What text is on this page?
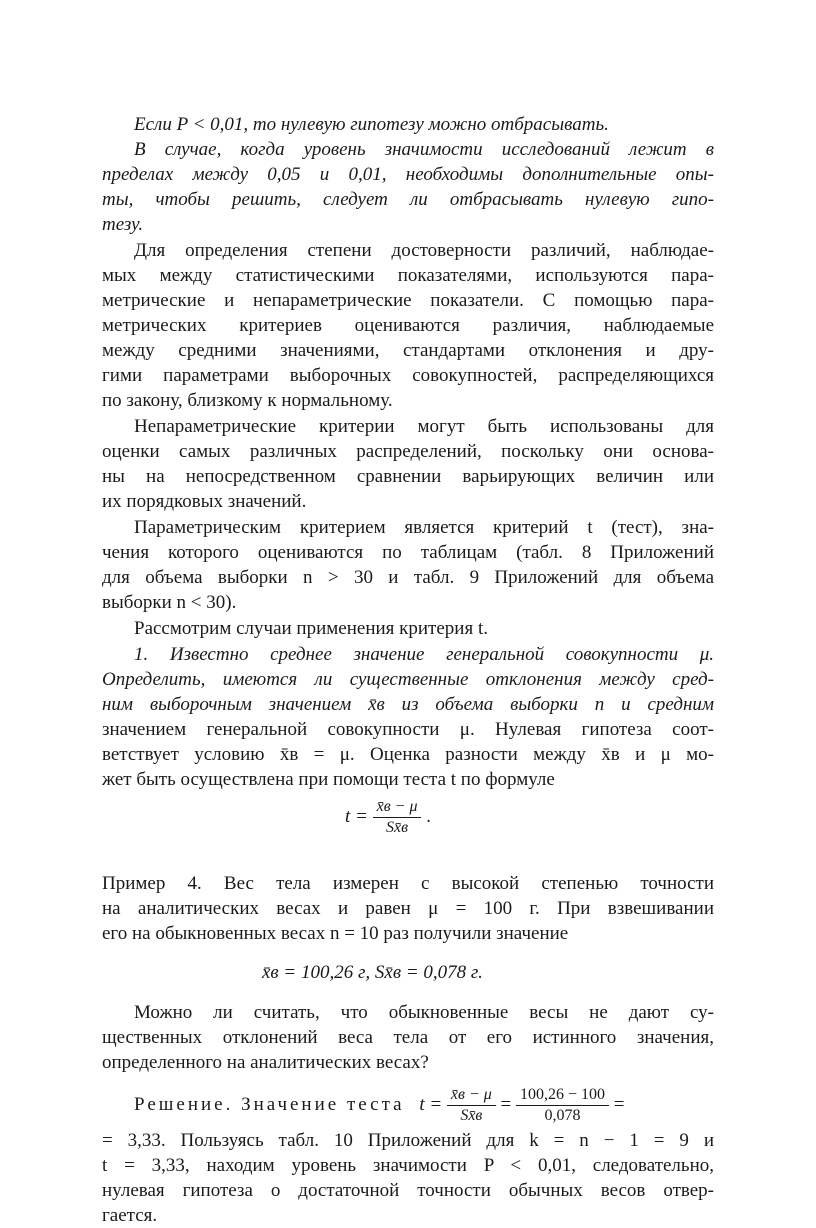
Если P < 0,01, то нулевую гипотезу можно отбрасывать.
В случае, когда уровень значимости исследований лежит в
пределах между 0,05 и 0,01, необходимы дополнительные опы-
ты, чтобы решить, следует ли отбрасывать нулевую гипо-
тезу.
Для определения степени достоверности различий, наблюдае-
мых между статистическими показателями, используются пара-
метрические и непараметрические показатели. С помощью пара-
метрических критериев оцениваются различия, наблюдаемые
между средними значениями, стандартами отклонения и дру-
гими параметрами выборочных совокупностей, распределяющихся
по закону, близкому к нормальному.
Непараметрические критерии могут быть использованы для
оценки самых различных распределений, поскольку они основа-
ны на непосредственном сравнении варьирующих величин или
их порядковых значений.
Параметрическим критерием является критерий t (тест), зна-
чения которого оцениваются по таблицам (табл. 8 Приложений
для объема выборки n > 30 и табл. 9 Приложений для объема
выборки n < 30).
Рассмотрим случаи применения критерия t.
1. Известно среднее значение генеральной совокупности μ.
Определить, имеются ли существенные отклонения между сред-
ним выборочным значением x̄в из объема выборки n и средним
значением генеральной совокупности μ. Нулевая гипотеза соот-
ветствует условию x̄в = μ. Оценка разности между x̄в и μ мо-
жет быть осуществлена при помощи теста t по формуле
$t = \frac{x̄в - \mu}{Sx̄в}$ .
Пример 4. Вес тела измерен с высокой степенью точности
на аналитических весах и равен μ = 100 г. При взвешивании
его на обыкновенных весах n = 10 раз получили значение
x̄в = 100,26 г, Sx̄в = 0,078 г.
Можно ли считать, что обыкновенные весы не дают су-
щественных отклонений веса тела от его истинного значения,
определенного на аналитических весах?
Решение. Значение теста $t = \frac{x̄в - \mu}{Sx̄в} = \frac{100,26 - 100}{0,078}$ =
= 3,33. Пользуясь табл. 10 Приложений для k = n − 1 = 9 и
t = 3,33, находим уровень значимости P < 0,01, следовательно,
нулевая гипотеза о достаточной точности обычных весов отвер-
гается.
